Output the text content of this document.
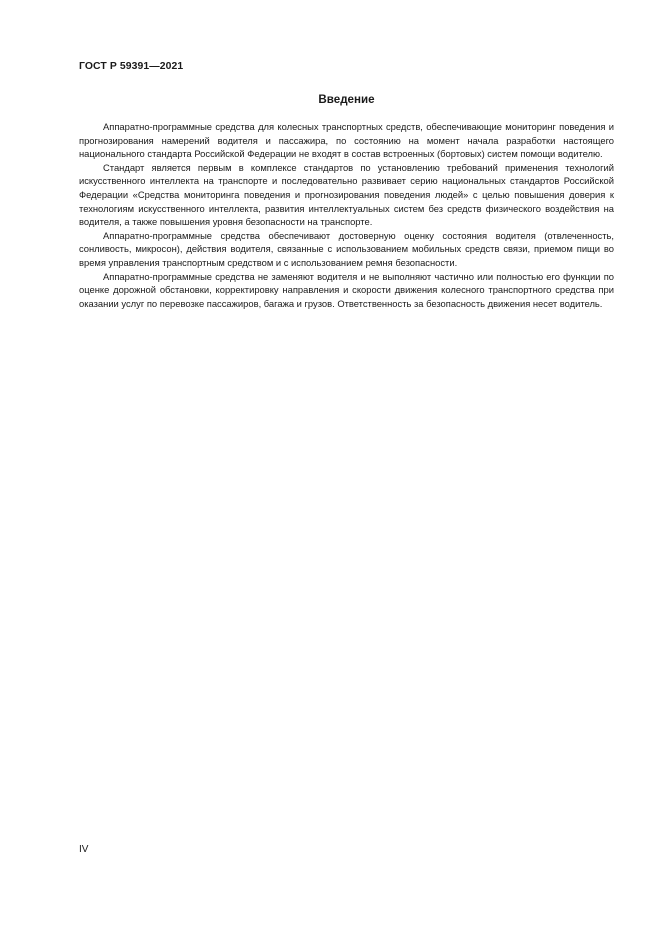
ГОСТ Р 59391—2021
Введение

Аппаратно-программные средства для колесных транспортных средств, обеспечивающие мониторинг поведения и прогнозирования намерений водителя и пассажира, по состоянию на момент начала разработки настоящего национального стандарта Российской Федерации не входят в состав встроенных (бортовых) систем помощи водителю.

Стандарт является первым в комплексе стандартов по установлению требований применения технологий искусственного интеллекта на транспорте и последовательно развивает серию национальных стандартов Российской Федерации «Средства мониторинга поведения и прогнозирования поведения людей» с целью повышения доверия к технологиям искусственного интеллекта, развития интеллектуальных систем без средств физического воздействия на водителя, а также повышения уровня безопасности на транспорте.

Аппаратно-программные средства обеспечивают достоверную оценку состояния водителя (отвлеченность, сонливость, микросон), действия водителя, связанные с использованием мобильных средств связи, приемом пищи во время управления транспортным средством и с использованием ремня безопасности.

Аппаратно-программные средства не заменяют водителя и не выполняют частично или полностью его функции по оценке дорожной обстановки, корректировку направления и скорости движения колесного транспортного средства при оказании услуг по перевозке пассажиров, багажа и грузов. Ответственность за безопасность движения несет водитель.

IV
